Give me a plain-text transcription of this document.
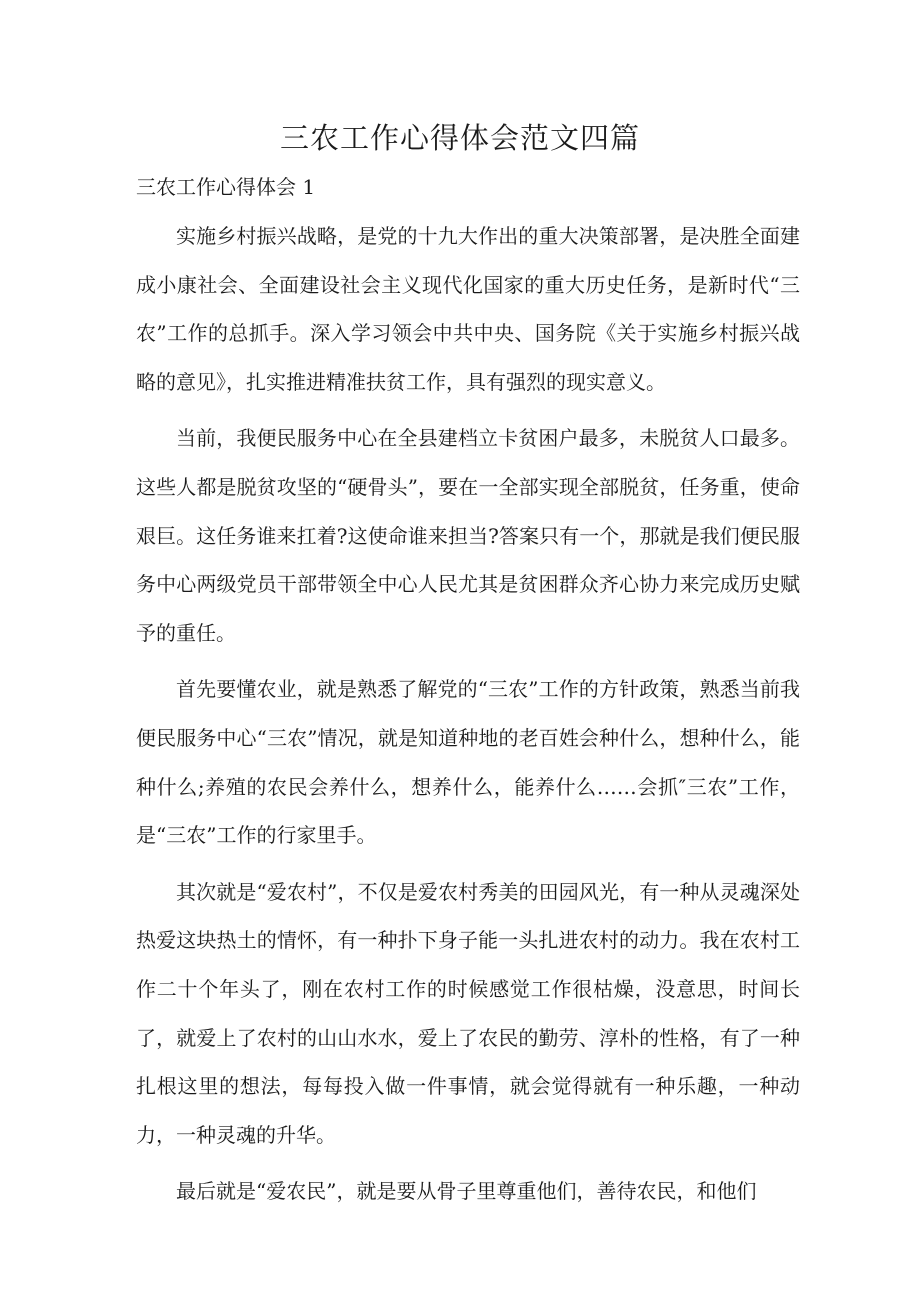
三农工作心得体会范文四篇
三农工作心得体会 1

实施乡村振兴战略，是党的十九大作出的重大决策部署，是决胜全面建成小康社会、全面建设社会主义现代化国家的重大历史任务，是新时代“三农”工作的总抓手。深入学习领会中共中央、国务院《关于实施乡村振兴战略的意见》，扎实推进精准扶贫工作，具有强烈的现实意义。

当前，我便民服务中心在全县建档立卡贫困户最多，未脱贫人口最多。这些人都是脱贫攻坚的“硬骨头”，要在一全部实现全部脱贫，任务重，使命艰巨。这任务谁来扛着?这使命谁来担当?答案只有一个，那就是我们便民服务中心两级党员干部带领全中心人民尤其是贫困群众齐心协力来完成历史赋予的重任。

首先要懂农业，就是熟悉了解党的“三农”工作的方针政策，熟悉当前我便民服务中心“三农”情况，就是知道种地的老百姓会种什么，想种什么，能种什么;养殖的农民会养什么，想养什么，能养什么……会抓″三农”工作，是“三农”工作的行家里手。

其次就是“爱农村”，不仅是爱农村秀美的田园风光，有一种从灵魂深处热爱这块热土的情怀，有一种扑下身子能一头扎进农村的动力。我在农村工作二十个年头了，刚在农村工作的时候感觉工作很枯燥，没意思，时间长了，就爱上了农村的山山水水，爱上了农民的勤劳、淳朴的性格，有了一种扎根这里的想法，每每投入做一件事情，就会觉得就有一种乐趣，一种动力，一种灵魂的升华。

最后就是“爱农民”，就是要从骨子里尊重他们，善待农民，和他们
